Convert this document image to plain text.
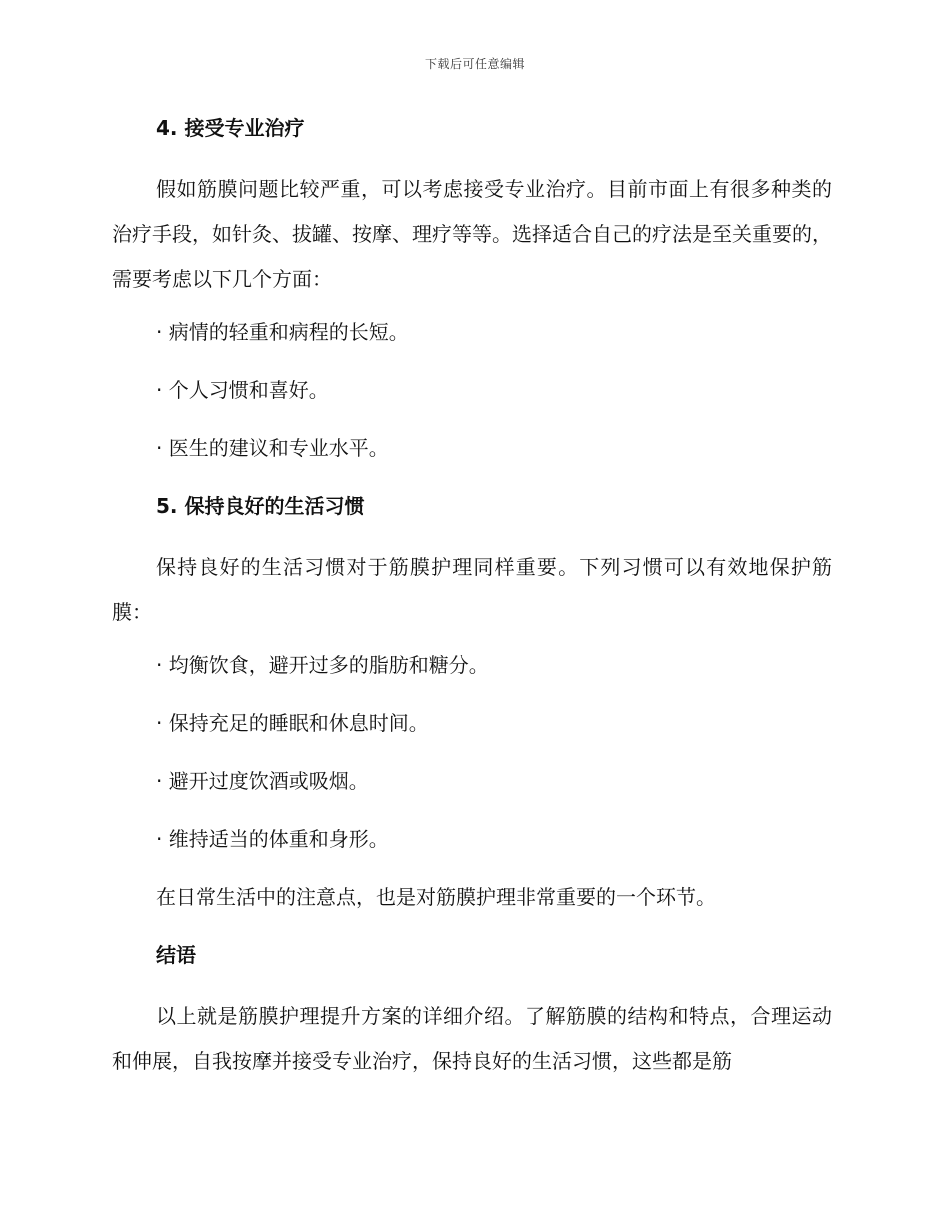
下载后可任意编辑
4. 接受专业治疗

假如筋膜问题比较严重，可以考虑接受专业治疗。目前市面上有很多种类的治疗手段，如针灸、拔罐、按摩、理疗等等。选择适合自己的疗法是至关重要的，需要考虑以下几个方面：

· 病情的轻重和病程的长短。

· 个人习惯和喜好。

· 医生的建议和专业水平。

5. 保持良好的生活习惯

保持良好的生活习惯对于筋膜护理同样重要。下列习惯可以有效地保护筋膜：

· 均衡饮食，避开过多的脂肪和糖分。

· 保持充足的睡眠和休息时间。

· 避开过度饮酒或吸烟。

· 维持适当的体重和身形。

在日常生活中的注意点，也是对筋膜护理非常重要的一个环节。

结语

以上就是筋膜护理提升方案的详细介绍。了解筋膜的结构和特点，合理运动和伸展，自我按摩并接受专业治疗，保持良好的生活习惯，这些都是筋
